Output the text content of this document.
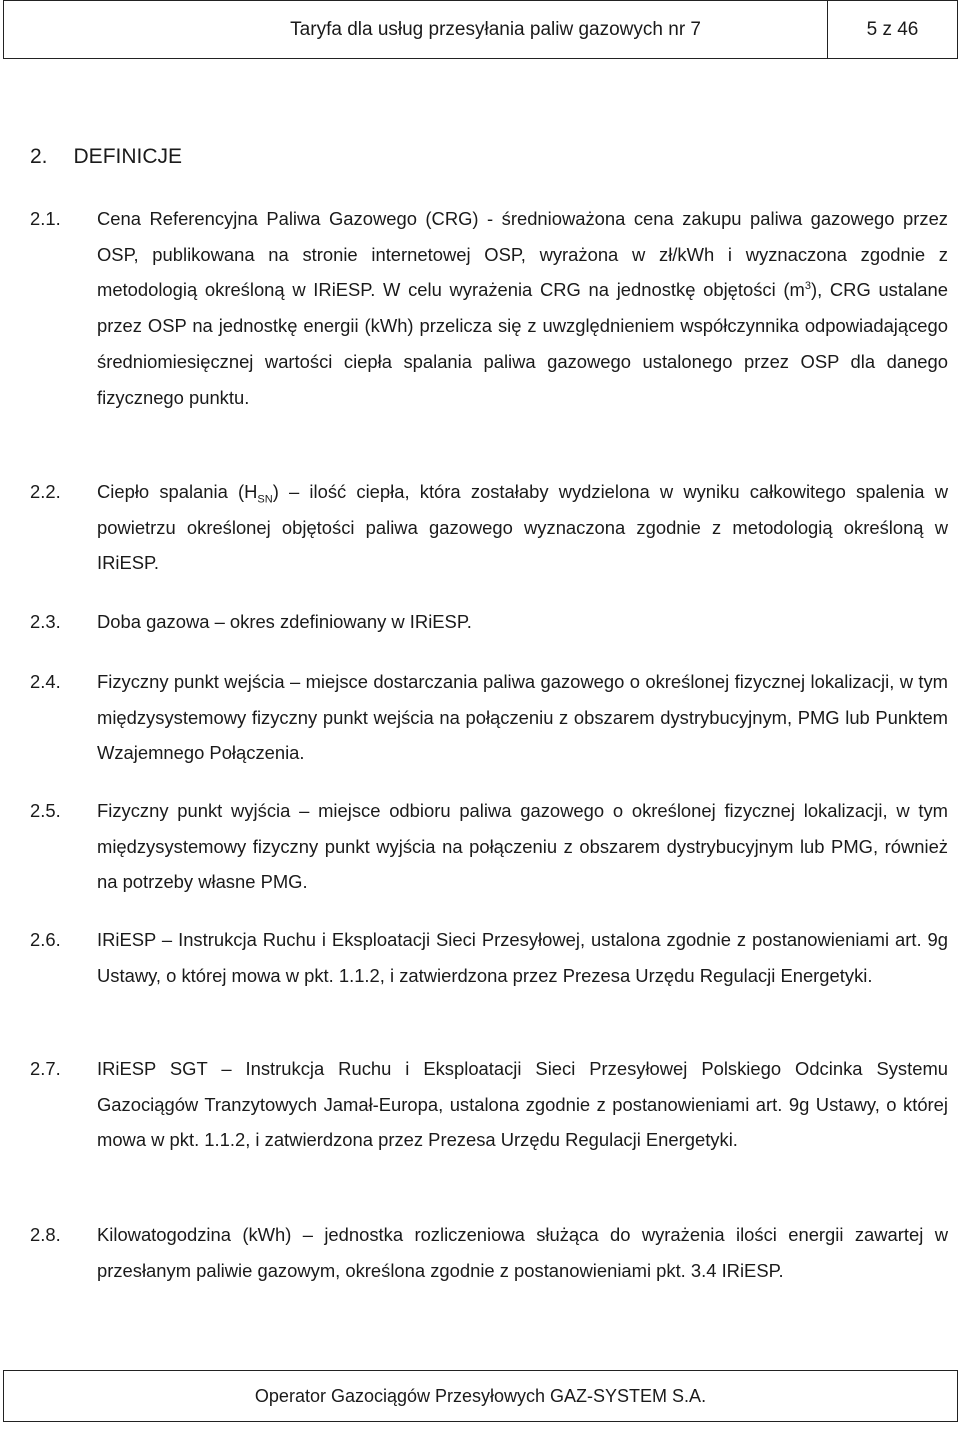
Taryfa dla usług przesyłania paliw gazowych nr 7	5 z 46
2. DEFINICJE
2.1.	Cena Referencyjna Paliwa Gazowego (CRG) - średnioważona cena zakupu paliwa gazowego przez OSP, publikowana na stronie internetowej OSP, wyrażona w zł/kWh i wyznaczona zgodnie z metodologią określoną w IRiESP. W celu wyrażenia CRG na jednostkę objętości $(m^3)$, CRG ustalane przez OSP na jednostkę energii (kWh) przelicza się z uwzględnieniem współczynnika odpowiadającego średniomiesięcznej wartości ciepła spalania paliwa gazowego ustalonego przez OSP dla danego fizycznego punktu.
2.2.	Ciepło spalania $(H_{SN})$ – ilość ciepła, która zostałaby wydzielona w wyniku całkowitego spalenia w powietrzu określonej objętości paliwa gazowego wyznaczona zgodnie z metodologią określoną w IRiESP.
2.3.	Doba gazowa – okres zdefiniowany w IRiESP.
2.4.	Fizyczny punkt wejścia – miejsce dostarczania paliwa gazowego o określonej fizycznej lokalizacji, w tym międzysystemowy fizyczny punkt wejścia na połączeniu z obszarem dystrybucyjnym, PMG lub Punktem Wzajemnego Połączenia.
2.5.	Fizyczny punkt wyjścia – miejsce odbioru paliwa gazowego o określonej fizycznej lokalizacji, w tym międzysystemowy fizyczny punkt wyjścia na połączeniu z obszarem dystrybucyjnym lub PMG, również na potrzeby własne PMG.
2.6.	IRiESP – Instrukcja Ruchu i Eksploatacji Sieci Przesyłowej, ustalona zgodnie z postanowieniami art. 9g Ustawy, o której mowa w pkt. 1.1.2, i zatwierdzona przez Prezesa Urzędu Regulacji Energetyki.
2.7.	IRiESP SGT – Instrukcja Ruchu i Eksploatacji Sieci Przesyłowej Polskiego Odcinka Systemu Gazociągów Tranzytowych Jamał-Europa, ustalona zgodnie z postanowieniami art. 9g Ustawy, o której mowa w pkt. 1.1.2, i zatwierdzona przez Prezesa Urzędu Regulacji Energetyki.
2.8.	Kilowatogodzina (kWh) – jednostka rozliczeniowa służąca do wyrażenia ilości energii zawartej w przesłanym paliwie gazowym, określona zgodnie z postanowieniami pkt. 3.4 IRiESP.
Operator Gazociągów Przesyłowych GAZ-SYSTEM S.A.
